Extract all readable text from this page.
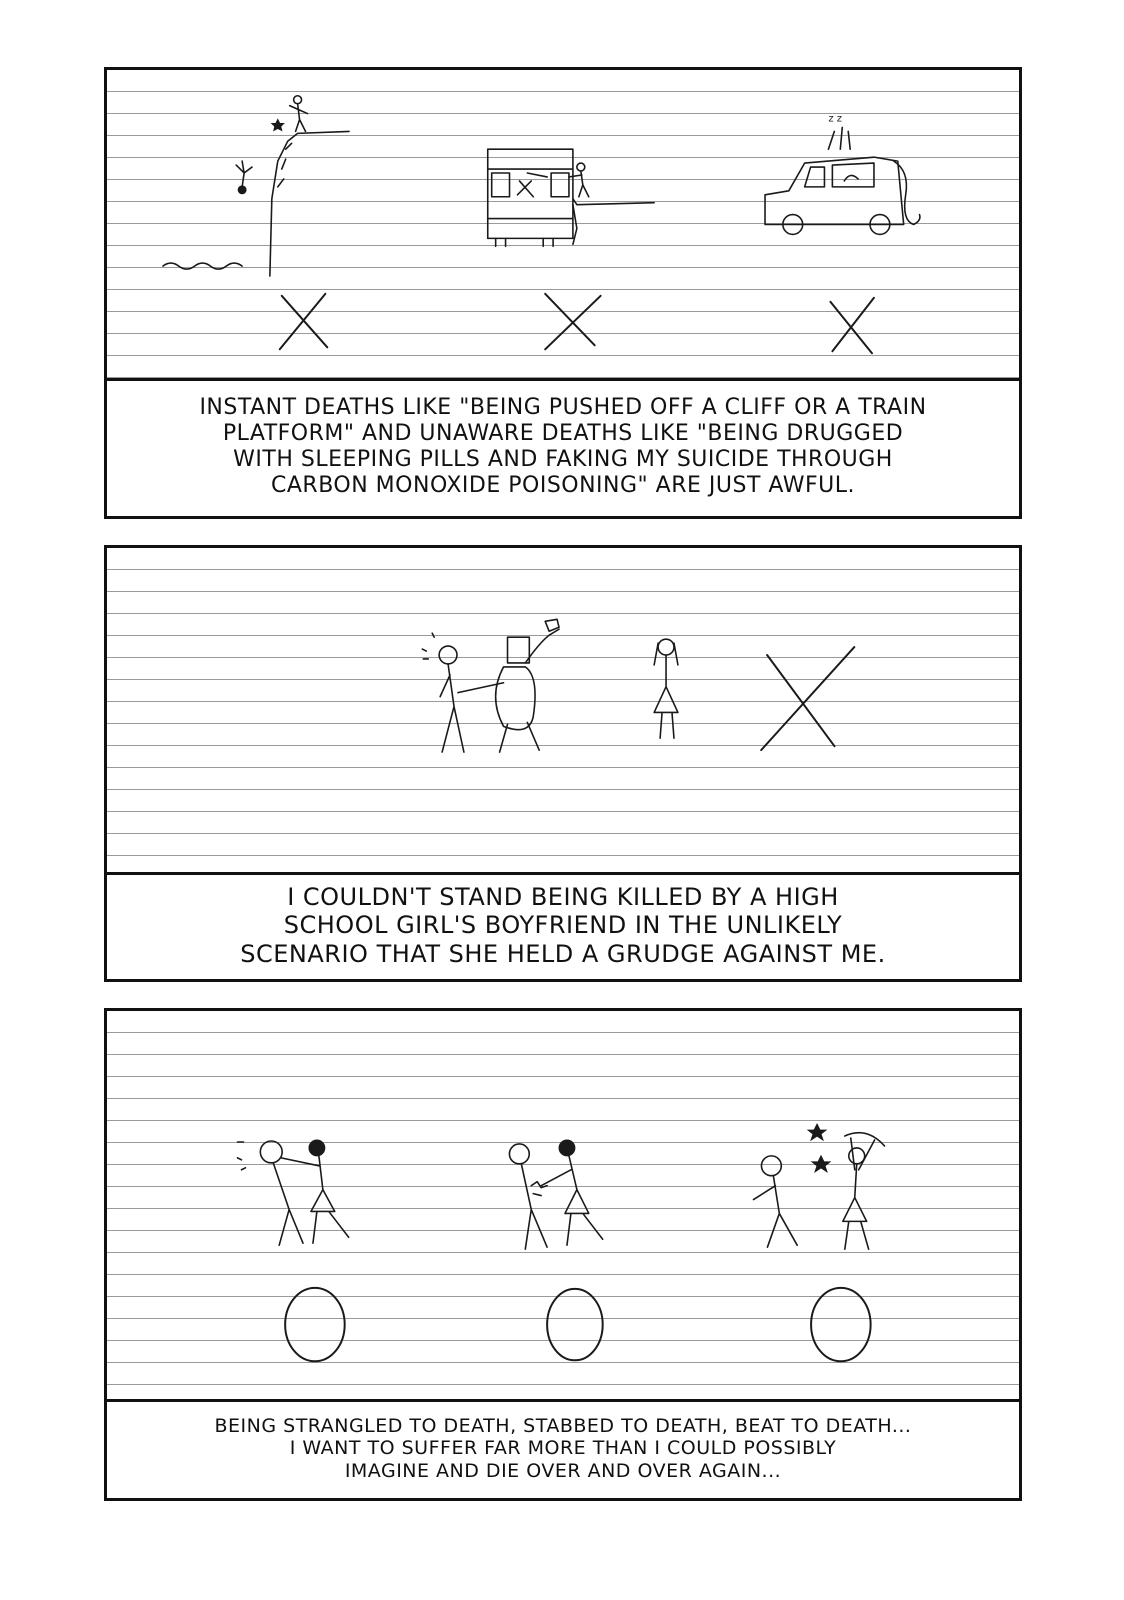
z z
INSTANT DEATHS LIKE "BEING PUSHED OFF A CLIFF OR A TRAIN
PLATFORM" AND UNAWARE DEATHS LIKE "BEING DRUGGED
WITH SLEEPING PILLS AND FAKING MY SUICIDE THROUGH
CARBON MONOXIDE POISONING" ARE JUST AWFUL.
I COULDN'T STAND BEING KILLED BY A HIGH
SCHOOL GIRL'S BOYFRIEND IN THE UNLIKELY
SCENARIO THAT SHE HELD A GRUDGE AGAINST ME.
BEING STRANGLED TO DEATH, STABBED TO DEATH, BEAT TO DEATH...
I WANT TO SUFFER FAR MORE THAN I COULD POSSIBLY
IMAGINE AND DIE OVER AND OVER AGAIN...
